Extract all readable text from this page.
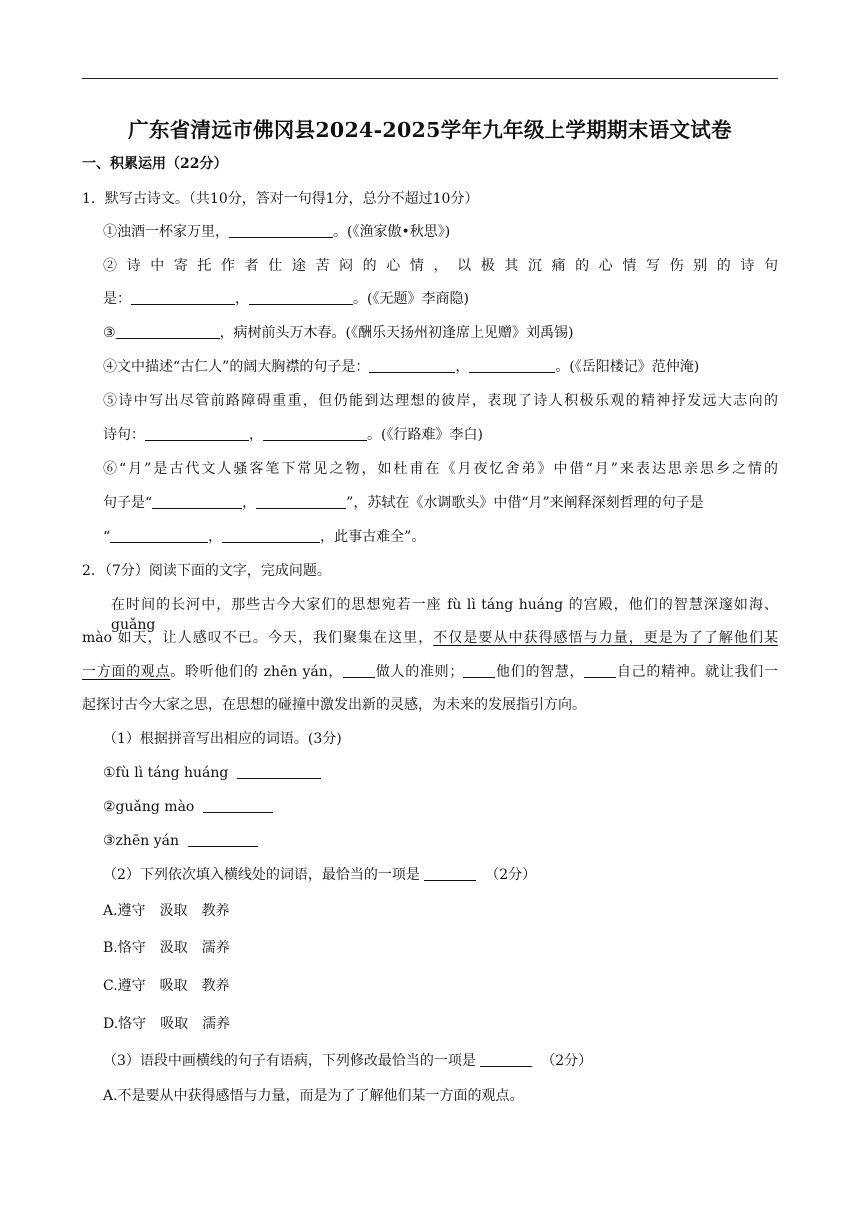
广东省清远市佛冈县2024-2025学年九年级上学期期末语文试卷
一、积累运用（22分）
1．默写古诗文。（共10分，答对一句得1分，总分不超过10分）
①浊酒一杯家万里，	。(《渔家傲•秋思》)
② 诗 中 寄 托 作 者 仕 途 苦 闷 的 心 情 ， 以 极 其 沉 痛 的 心 情 写 伤 别 的 诗 句
是：	，	。(《无题》李商隐)
③	，病树前头万木春。(《酬乐天扬州初逢席上见赠》刘禹锡)
④文中描述“古仁人”的阔大胸襟的句子是：	，	。(《岳阳楼记》范仲淹)
⑤诗中写出尽管前路障碍重重，但仍能到达理想的彼岸，表现了诗人积极乐观的精神抒发远大志向的
诗句：	，	。(《行路难》李白)
⑥“月”是古代文人骚客笔下常见之物，如杜甫在《月夜忆舍弟》中借“月”来表达思亲思乡之情的
句子是“	，	”，苏轼在《水调歌头》中借“月”来阐释深刻哲理的句子是
“	，	，此事古难全”。
2．（7分）阅读下面的文字，完成问题。
在时间的长河中，那些古今大家们的思想宛若一座 fù lì táng huáng 的宫殿，他们的智慧深邃如海、guǎng
mào 如天，让人感叹不已。今天，我们聚集在这里，不仅是要从中获得感悟与力量，更是为了了解他们某
一方面的观点。聆听他们的 zhēn yán， 做人的准则； 他们的智慧， 自己的精神。就让我们一
起探讨古今大家之思，在思想的碰撞中激发出新的灵感，为未来的发展指引方向。
（1）根据拼音写出相应的词语。(3分)
①fù lì táng huáng
②guǎng mào
③zhēn yán
（2）下列依次填入横线处的词语，最恰当的一项是	（2分）
A.遵守 汲取 教养
B.恪守 汲取 濡养
C.遵守 吸取 教养
D.恪守 吸取 濡养
（3）语段中画横线的句子有语病，下列修改最恰当的一项是	（2分）
A.不是要从中获得感悟与力量，而是为了了解他们某一方面的观点。
